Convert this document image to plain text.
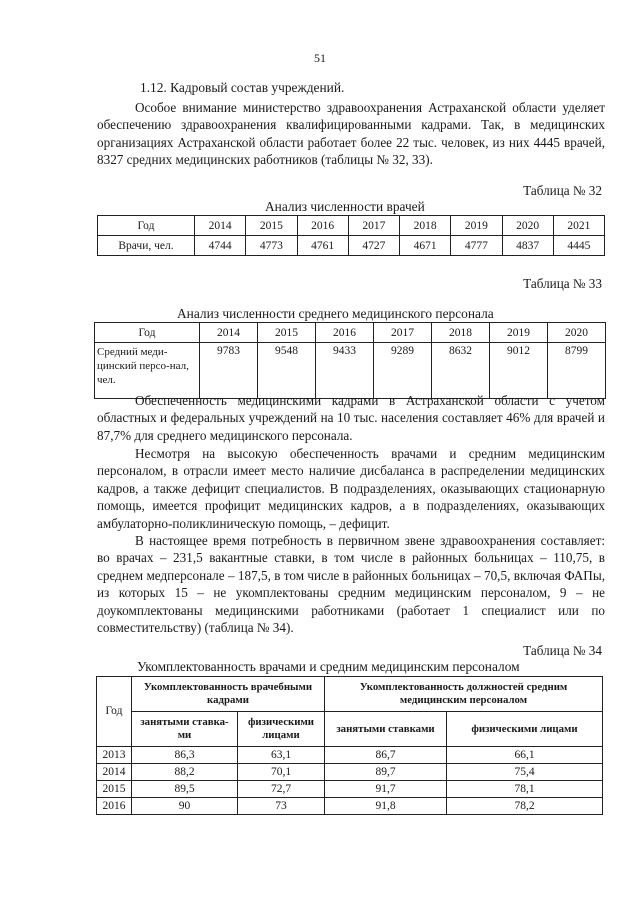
51

1.12. Кадровый состав учреждений.

Особое внимание министерство здравоохранения Астраханской области уделяет обеспечению здравоохранения квалифицированными кадрами. Так, в медицинских организациях Астраханской области работает более 22 тыс. человек, из них 4445 врачей, 8327 средних медицинских работников (таблицы № 32, 33).

Таблица № 32
Анализ численности врачей
Год	2014	2015	2016	2017	2018	2019	2020	2021
Врачи, чел.	4744	4773	4761	4727	4671	4777	4837	4445
Таблица № 33
Анализ численности среднего медицинского персонала
Год	2014	2015	2016	2017	2018	2019	2020
Средний меди-цинский персо-нал, чел.	9783	9548	9433	9289	8632	9012	8799

Обеспеченность медицинскими кадрами в Астраханской области с учетом областных и федеральных учреждений на 10 тыс. населения составляет 46% для врачей и 87,7% для среднего медицинского персонала.

Несмотря на высокую обеспеченность врачами и средним медицинским персоналом, в отрасли имеет место наличие дисбаланса в распределении медицинских кадров, а также дефицит специалистов. В подразделениях, оказывающих стационарную помощь, имеется профицит медицинских кадров, а в подразделениях, оказывающих амбулаторно-поликлиническую помощь, – дефицит.

В настоящее время потребность в первичном звене здравоохранения составляет: во врачах – 231,5 вакантные ставки, в том числе в районных больницах – 110,75, в среднем медперсонале – 187,5, в том числе в районных больницах – 70,5, включая ФАПы, из которых 15 – не укомплектованы средним медицинским персоналом, 9 – не доукомплектованы медицинскими работниками (работает 1 специалист или по совместительству) (таблица № 34).

Таблица № 34
Укомплектованность врачами и средним медицинским персоналом
Год	Укомплектованность врачебными кадрами		Укомплектованность должностей средним медицинским персоналом	
	занятыми ставка-ми	физическими лицами	занятыми ставками	физическими лицами
2013	86,3	63,1	86,7	66,1
2014	88,2	70,1	89,7	75,4
2015	89,5	72,7	91,7	78,1
2016	90	73	91,8	78,2
